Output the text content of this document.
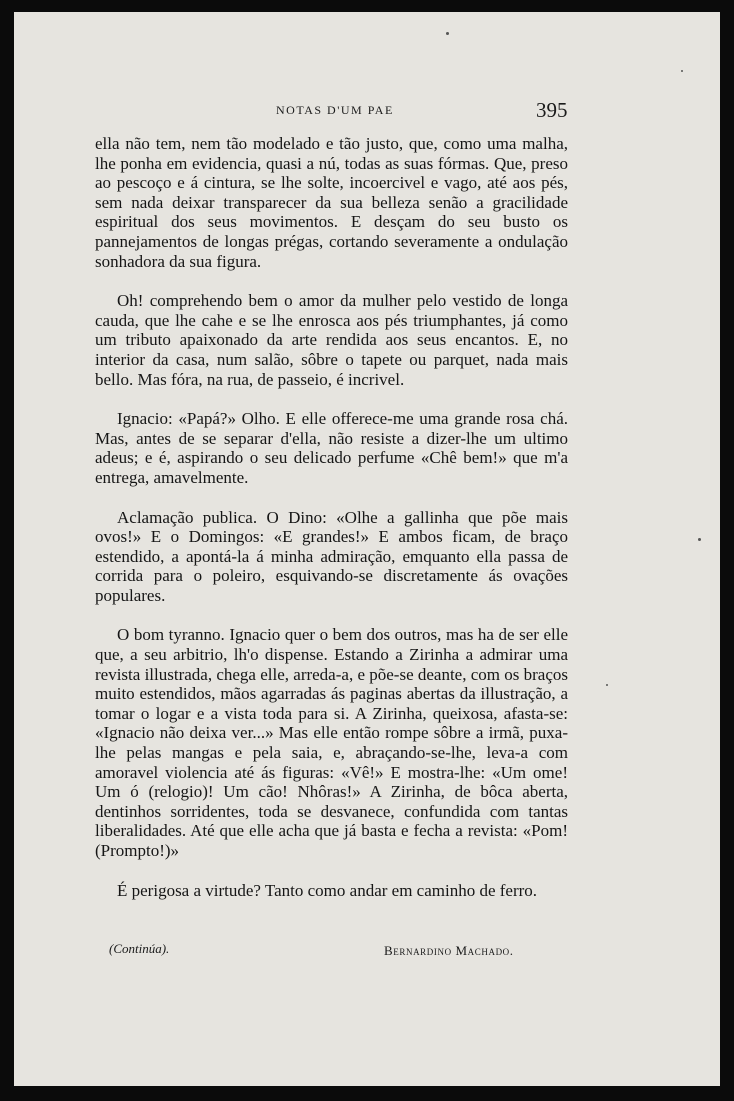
NOTAS D'UM PAE	395

ella não tem, nem tão modelado e tão justo, que, como uma malha, lhe ponha em evidencia, quasi a nú, todas as suas fórmas. Que, preso ao pescoço e á cintura, se lhe solte, incoercivel e vago, até aos pés, sem nada deixar transparecer da sua belleza senão a gracilidade espiritual dos seus movimentos. E desçam do seu busto os pannejamentos de longas prégas, cortando severamente a ondulação sonhadora da sua figura.

Oh! comprehendo bem o amor da mulher pelo vestido de longa cauda, que lhe cahe e se lhe enrosca aos pés triumphantes, já como um tributo apaixonado da arte rendida aos seus encantos. E, no interior da casa, num salão, sôbre o tapete ou parquet, nada mais bello. Mas fóra, na rua, de passeio, é incrivel.

Ignacio: «Papá?» Olho. E elle offerece-me uma grande rosa chá. Mas, antes de se separar d'ella, não resiste a dizer-lhe um ultimo adeus; e é, aspirando o seu delicado perfume «Chê bem!» que m'a entrega, amavelmente.

Aclamação publica. O Dino: «Olhe a gallinha que põe mais ovos!» E o Domingos: «E grandes!» E ambos ficam, de braço estendido, a apontá-la á minha admiração, emquanto ella passa de corrida para o poleiro, esquivando-se discretamente ás ovações populares.

O bom tyranno. Ignacio quer o bem dos outros, mas ha de ser elle que, a seu arbitrio, lh'o dispense. Estando a Zirinha a admirar uma revista illustrada, chega elle, arreda-a, e põe-se deante, com os braços muito estendidos, mãos agarradas ás paginas abertas da illustração, a tomar o logar e a vista toda para si. A Zirinha, queixosa, afasta-se: «Ignacio não deixa ver...» Mas elle então rompe sôbre a irmã, puxa-lhe pelas mangas e pela saia, e, abraçando-se-lhe, leva-a com amoravel violencia até ás figuras: «Vê!» E mostra-lhe: «Um ome! Um ó (relogio)! Um cão! Nhôras!» A Zirinha, de bôca aberta, dentinhos sorridentes, toda se desvanece, confundida com tantas liberalidades. Até que elle acha que já basta e fecha a revista: «Pom! (Prompto!)»

É perigosa a virtude? Tanto como andar em caminho de ferro.

(Continúa).	Bernardino Machado.
